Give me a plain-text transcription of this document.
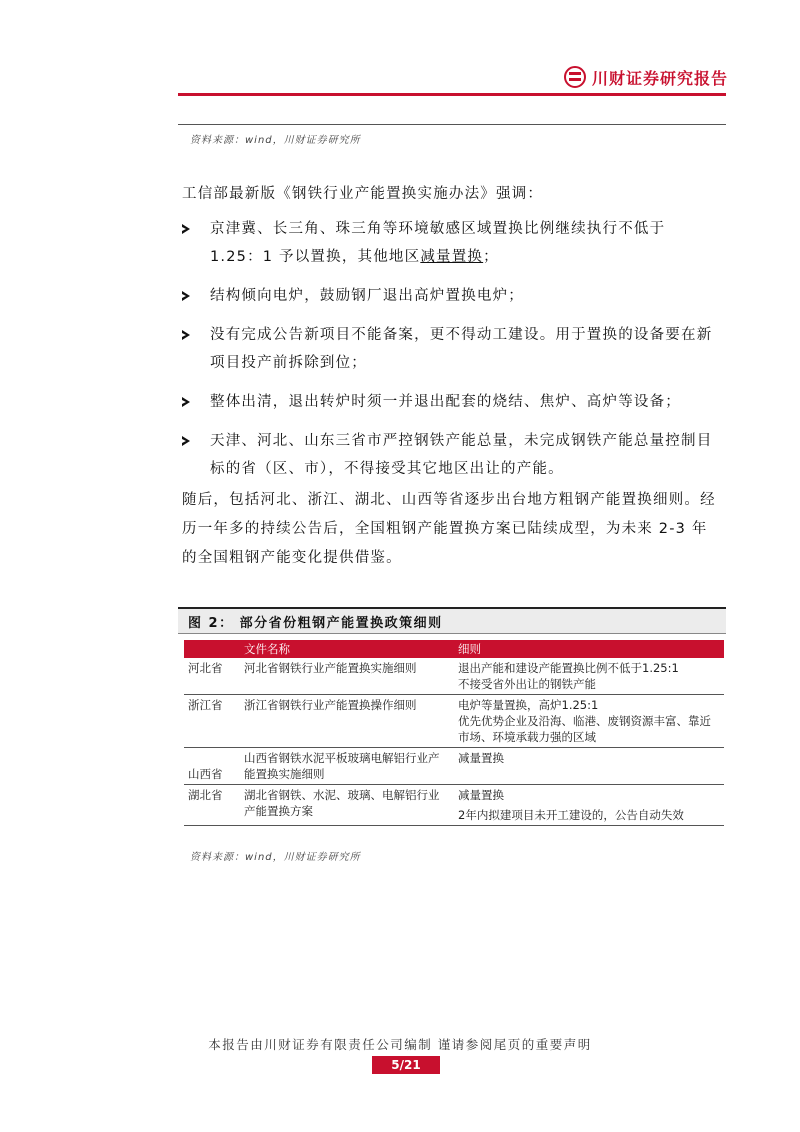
川财证券研究报告
资料来源：wind，川财证券研究所
工信部最新版《钢铁行业产能置换实施办法》强调：
京津冀、长三角、珠三角等环境敏感区域置换比例继续执行不低于
1.25：1 予以置换，其他地区减量置换；
结构倾向电炉，鼓励钢厂退出高炉置换电炉；
没有完成公告新项目不能备案，更不得动工建设。用于置换的设备要在新项目投产前拆除到位；
整体出清，退出转炉时须一并退出配套的烧结、焦炉、高炉等设备；
天津、河北、山东三省市严控钢铁产能总量，未完成钢铁产能总量控制目标的省（区、市），不得接受其它地区出让的产能。
随后，包括河北、浙江、湖北、山西等省逐步出台地方粗钢产能置换细则。经历一年多的持续公告后，全国粗钢产能置换方案已陆续成型，为未来 2-3 年的全国粗钢产能变化提供借鉴。
图 2： 部分省份粗钢产能置换政策细则
	文件名称	细则
河北省	河北省钢铁行业产能置换实施细则	退出产能和建设产能置换比例不低于1.25:1
不接受省外出让的钢铁产能

浙江省	浙江省钢铁行业产能置换操作细则	电炉等量置换，高炉1.25:1
优先优势企业及沿海、临港、废钢资源丰富、靠近市场、环境承载力强的区域

山西省	山西省钢铁水泥平板玻璃电解铝行业产能置换实施细则	减量置换

湖北省	湖北省钢铁、水泥、玻璃、电解铝行业产能置换方案	减量置换
2年内拟建项目未开工建设的，公告自动失效
资料来源：wind，川财证券研究所
本报告由川财证券有限责任公司编制 谨请参阅尾页的重要声明
5/21
